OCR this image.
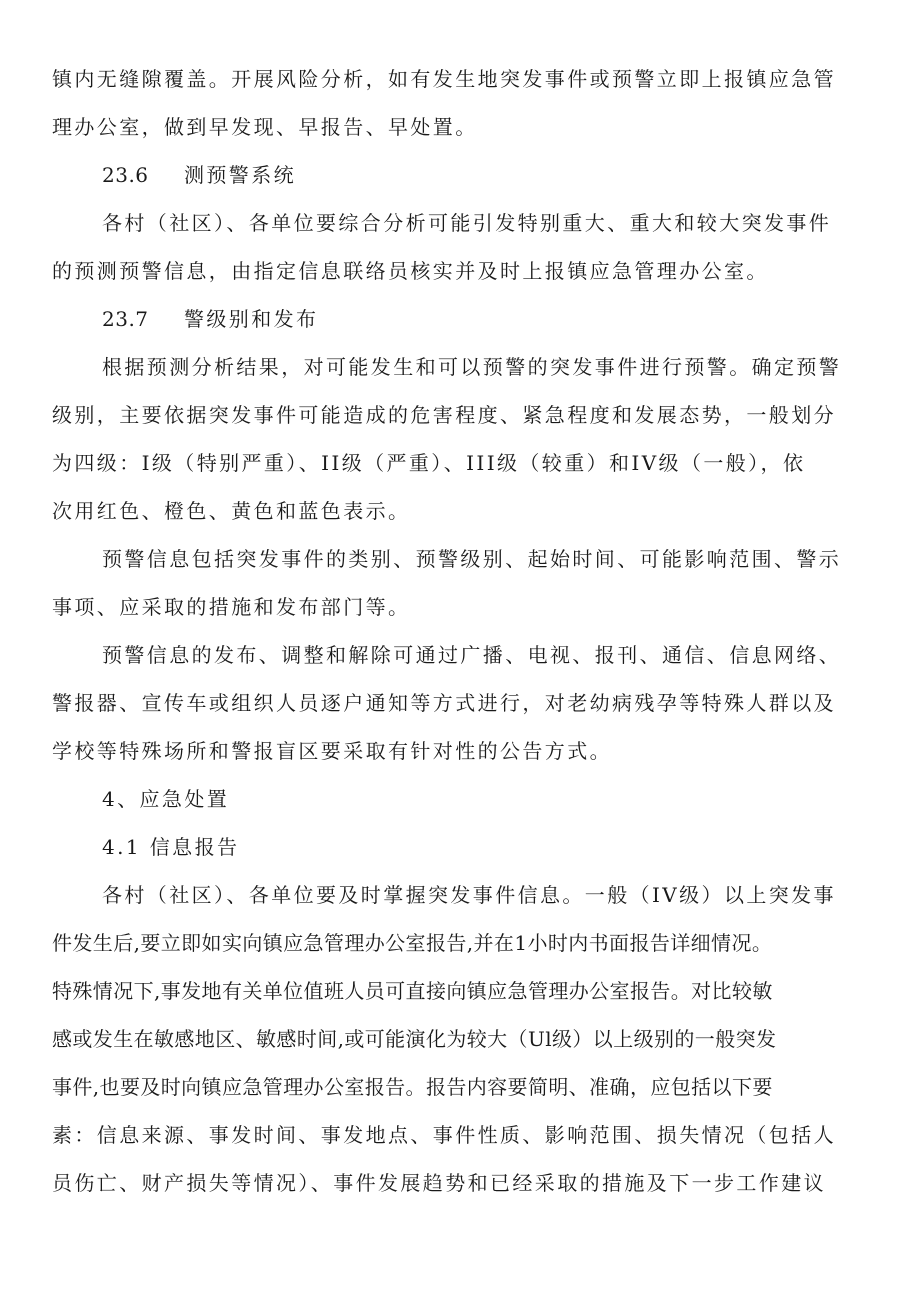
镇内无缝隙覆盖。开展风险分析，如有发生地突发事件或预警立即上报镇应急管
理办公室，做到早发现、早报告、早处置。
23.6 测预警系统
各村（社区）、各单位要综合分析可能引发特别重大、重大和较大突发事件
的预测预警信息，由指定信息联络员核实并及时上报镇应急管理办公室。
23.7 警级别和发布
根据预测分析结果，对可能发生和可以预警的突发事件进行预警。确定预警
级别，主要依据突发事件可能造成的危害程度、紧急程度和发展态势，一般划分
为四级：I级（特别严重）、II级（严重）、III级（较重）和IV级（一般），依
次用红色、橙色、黄色和蓝色表示。
预警信息包括突发事件的类别、预警级别、起始时间、可能影响范围、警示
事项、应采取的措施和发布部门等。
预警信息的发布、调整和解除可通过广播、电视、报刊、通信、信息网络、
警报器、宣传车或组织人员逐户通知等方式进行，对老幼病残孕等特殊人群以及
学校等特殊场所和警报盲区要采取有针对性的公告方式。
4、应急处置
4.1 信息报告
各村（社区）、各单位要及时掌握突发事件信息。一般（IV级）以上突发事
件发生后,要立即如实向镇应急管理办公室报告,并在1小时内书面报告详细情况。
特殊情况下,事发地有关单位值班人员可直接向镇应急管理办公室报告。对比较敏
感或发生在敏感地区、敏感时间,或可能演化为较大（Ul级）以上级别的一般突发
事件,也要及时向镇应急管理办公室报告。报告内容要简明、准确，应包括以下要
素：信息来源、事发时间、事发地点、事件性质、影响范围、损失情况（包括人
员伤亡、财产损失等情况）、事件发展趋势和已经采取的措施及下一步工作建议
